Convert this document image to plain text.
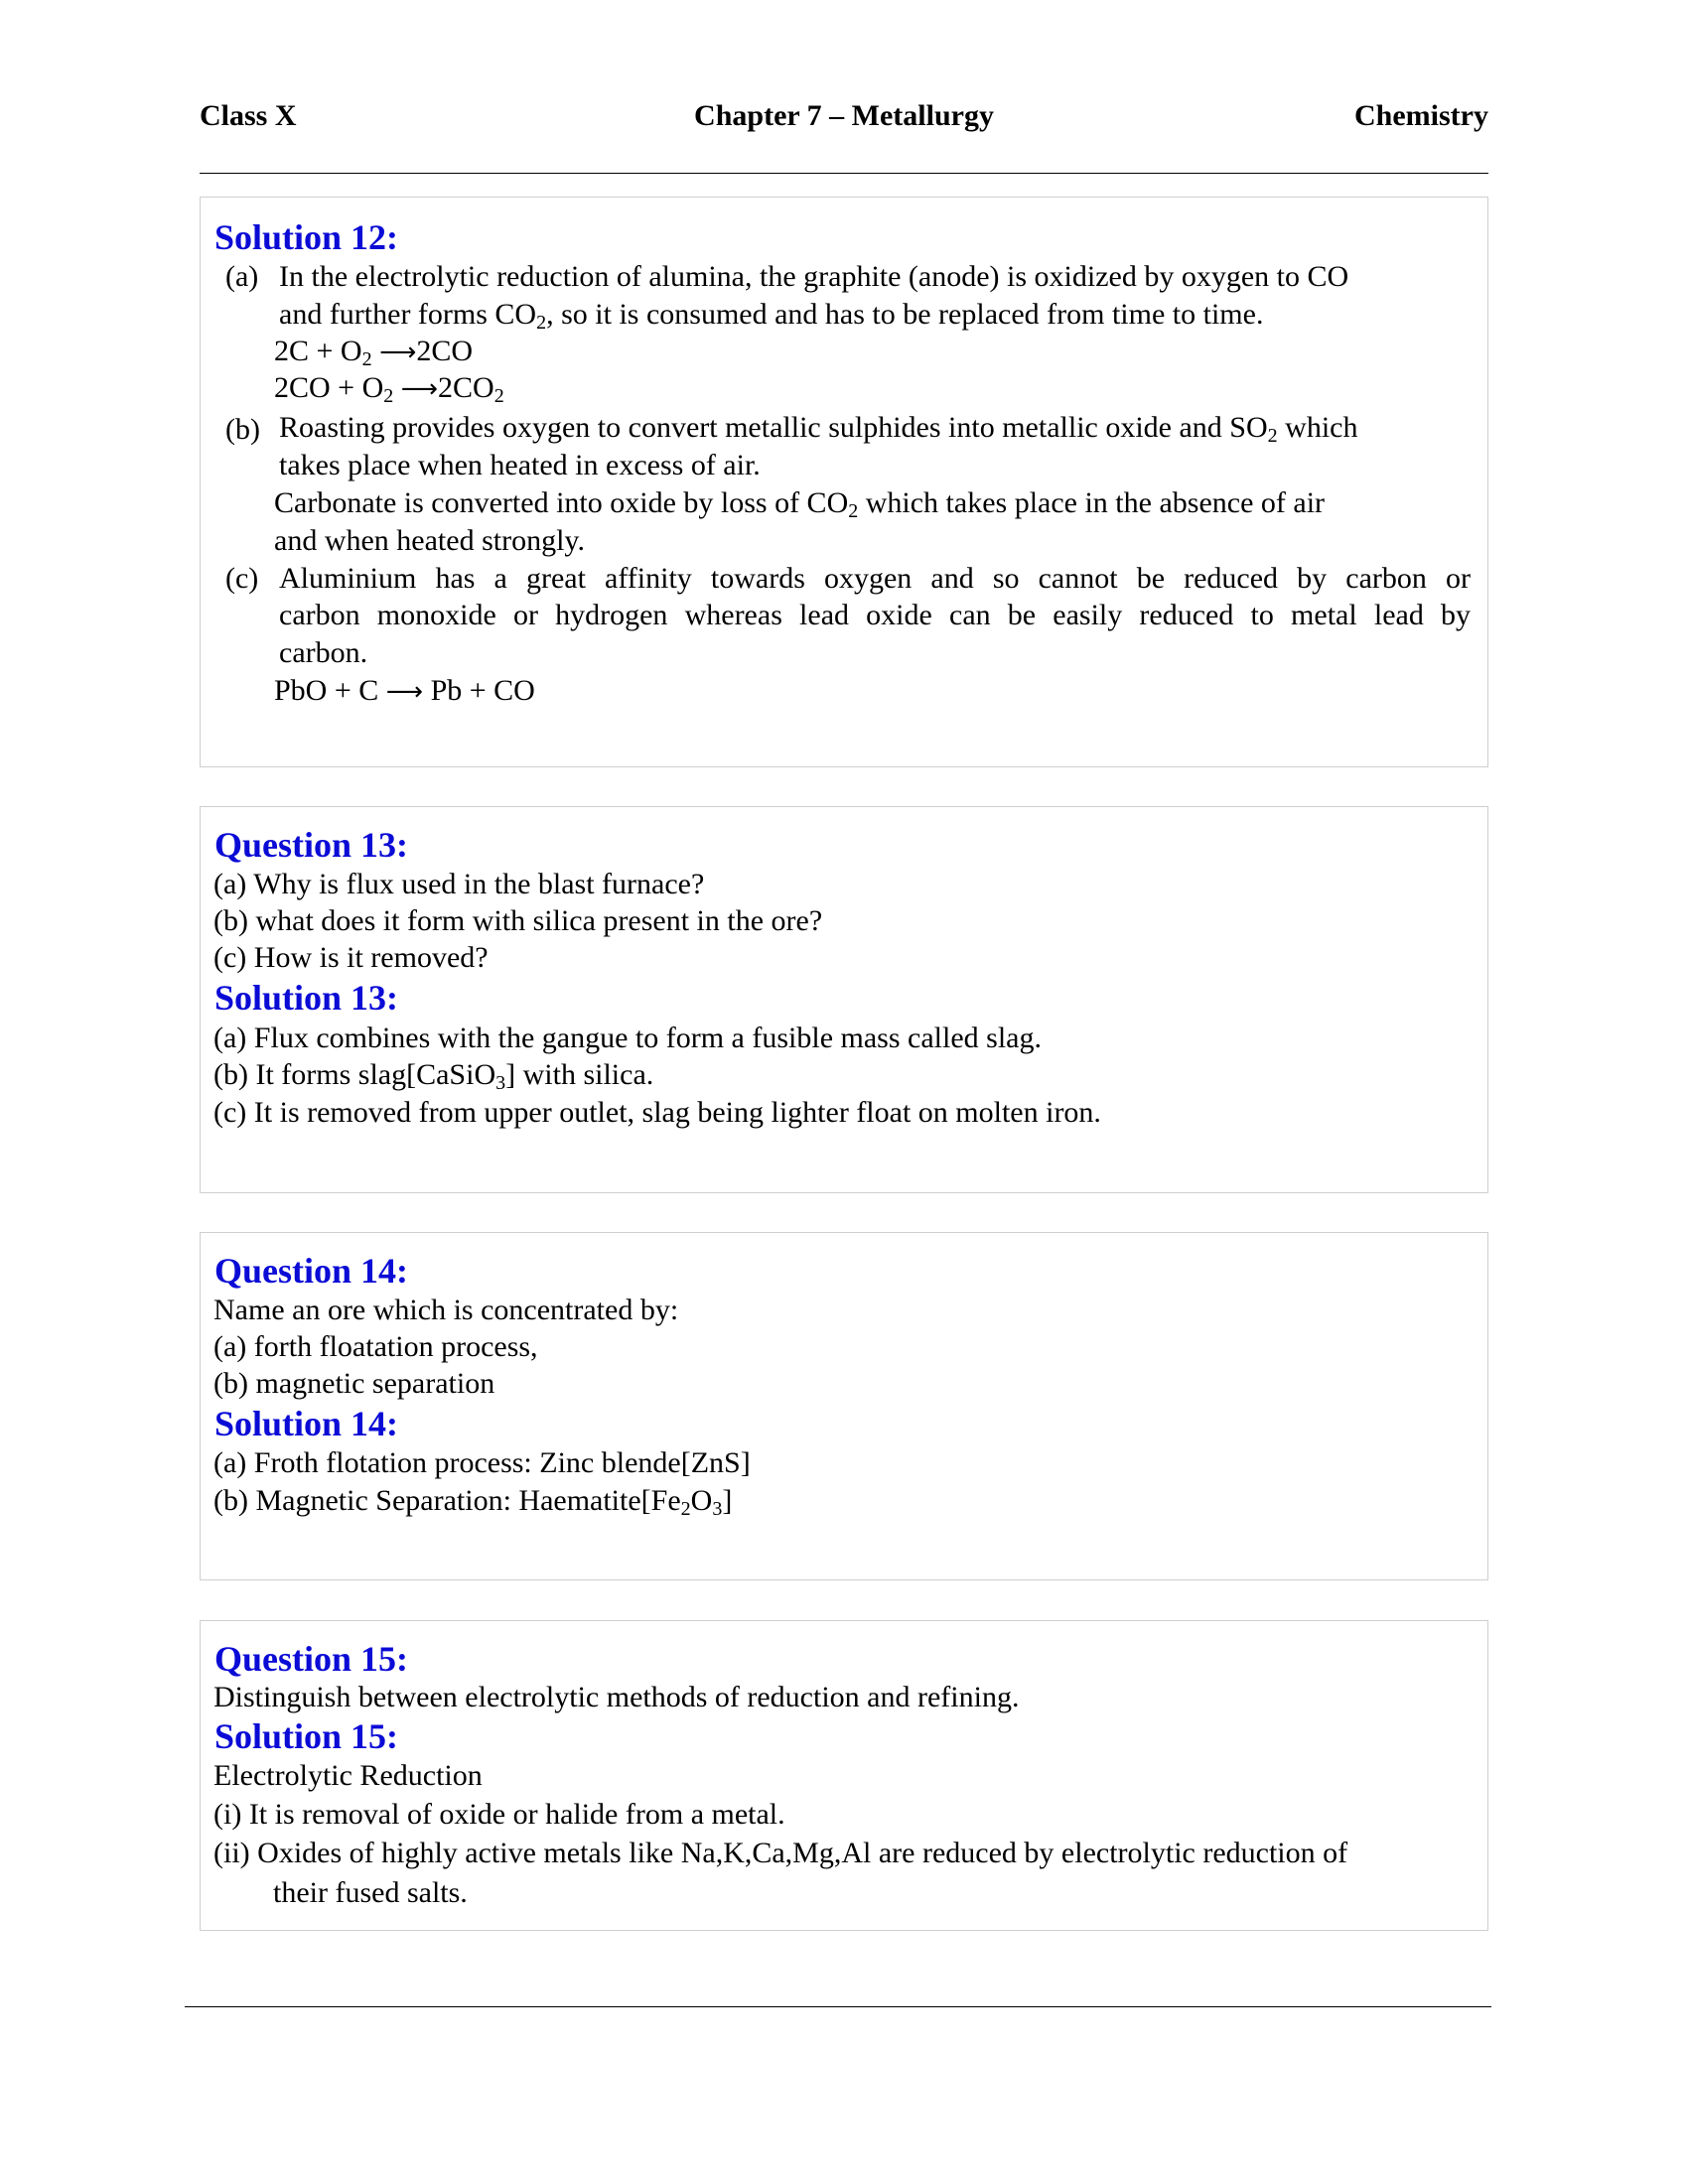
Class X	Chapter 7 – Metallurgy	Chemistry
Solution 12:
(a) In the electrolytic reduction of alumina, the graphite (anode) is oxidized by oxygen to CO
and further forms $CO_2$, so it is consumed and has to be replaced from time to time.
$2C + O_2$ ⟶2CO
$2CO + O_2$ $⟶2CO_2$
(b) Roasting provides oxygen to convert metallic sulphides into metallic oxide and $SO_2$ which
takes place when heated in excess of air.
Carbonate is converted into oxide by loss of $CO_2$ which takes place in the absence of air
and when heated strongly.
(c) Aluminium has a great affinity towards oxygen and so cannot be reduced by carbon or
carbon monoxide or hydrogen whereas lead oxide can be easily reduced to metal lead by
carbon.
PbO + C ⟶ Pb + CO
Question 13:
(a) Why is flux used in the blast furnace?
(b) what does it form with silica present in the ore?
(c) How is it removed?
Solution 13:
(a) Flux combines with the gangue to form a fusible mass called slag.
(b) It forms slag[CaSiO$_3$] with silica.
(c) It is removed from upper outlet, slag being lighter float on molten iron.
Question 14:
Name an ore which is concentrated by:
(a) forth floatation process,
(b) magnetic separation
Solution 14:
(a) Froth flotation process: Zinc blende[ZnS]
(b) Magnetic Separation: $Haematite[Fe_2O_3]$
Question 15:
Distinguish between electrolytic methods of reduction and refining.
Solution 15:
Electrolytic Reduction
(i) It is removal of oxide or halide from a metal.
(ii) Oxides of highly active metals like Na,K,Ca,Mg,Al are reduced by electrolytic reduction of
their fused salts.
